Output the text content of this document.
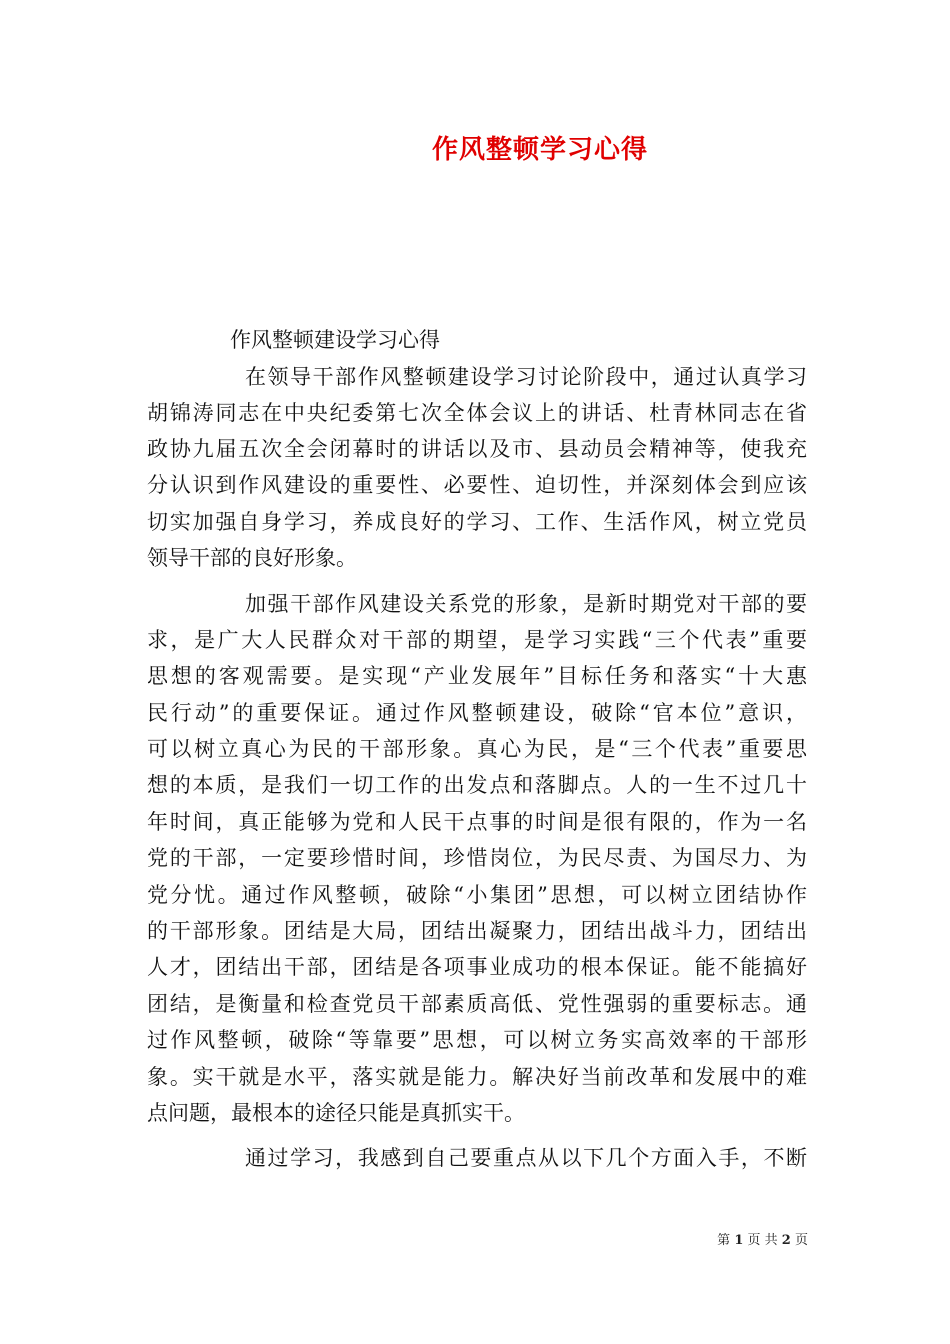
作风整顿学习心得
作风整顿建设学习心得
在领导干部作风整顿建设学习讨论阶段中，通过认真学习
胡锦涛同志在中央纪委第七次全体会议上的讲话、杜青林同志在省
政协九届五次全会闭幕时的讲话以及市、县动员会精神等，使我充
分认识到作风建设的重要性、必要性、迫切性，并深刻体会到应该
切实加强自身学习，养成良好的学习、工作、生活作风，树立党员
领导干部的良好形象。
加强干部作风建设关系党的形象，是新时期党对干部的要
求，是广大人民群众对干部的期望，是学习实践“三个代表”重要
思想的客观需要。是实现“产业发展年”目标任务和落实“十大惠
民行动”的重要保证。通过作风整顿建设，破除“官本位”意识，
可以树立真心为民的干部形象。真心为民，是“三个代表”重要思
想的本质，是我们一切工作的出发点和落脚点。人的一生不过几十
年时间，真正能够为党和人民干点事的时间是很有限的，作为一名
党的干部，一定要珍惜时间，珍惜岗位，为民尽责、为国尽力、为
党分忧。通过作风整顿，破除“小集团”思想，可以树立团结协作
的干部形象。团结是大局，团结出凝聚力，团结出战斗力，团结出
人才，团结出干部，团结是各项事业成功的根本保证。能不能搞好
团结，是衡量和检查党员干部素质高低、党性强弱的重要标志。通
过作风整顿，破除“等靠要”思想，可以树立务实高效率的干部形
象。实干就是水平，落实就是能力。解决好当前改革和发展中的难
点问题，最根本的途径只能是真抓实干。
通过学习，我感到自己要重点从以下几个方面入手，不断
第 1 页 共 2 页
